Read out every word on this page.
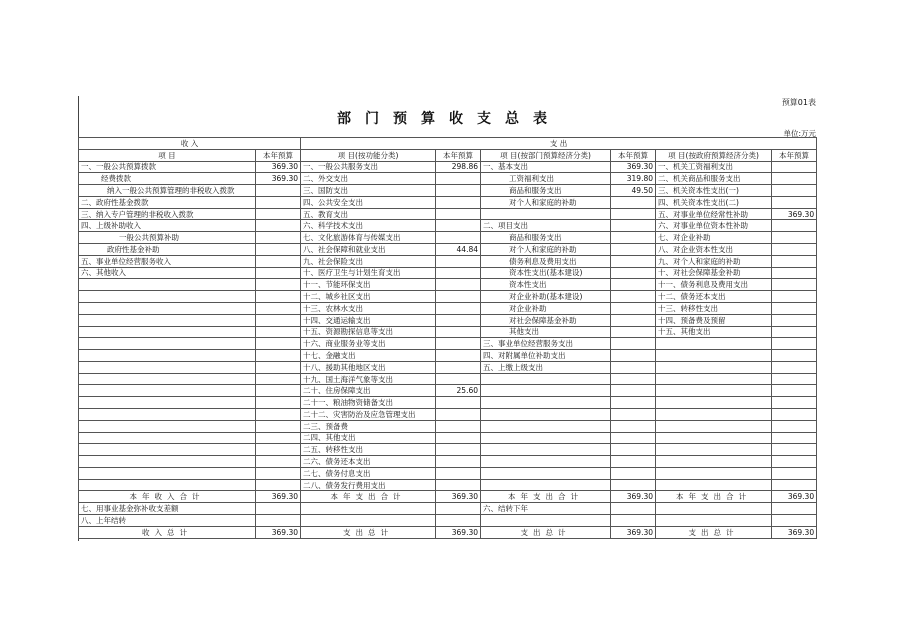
预算01表
部门预算收支总表
单位:万元
收 入		支 出					
项 目	本年预算	项 目(按功能分类)	本年预算	项 目(按部门预算经济分类)	本年预算	项 目(按政府预算经济分类)	本年预算
一、一般公共预算拨款	369.30	一、一般公共服务支出	298.86	一、基本支出	369.30	一、机关工资福利支出	
经费拨款	369.30	二、外交支出		工资福利支出	319.80	二、机关商品和服务支出	
纳入一般公共预算管理的非税收入拨款		三、国防支出		商品和服务支出	49.50	三、机关资本性支出(一)	
二、政府性基金拨款		四、公共安全支出		对个人和家庭的补助		四、机关资本性支出(二)	
三、纳入专户管理的非税收入拨款		五、教育支出				五、对事业单位经常性补助	369.30
四、上级补助收入		六、科学技术支出		二、项目支出		六、对事业单位资本性补助	
一般公共预算补助		七、文化旅游体育与传媒支出		商品和服务支出		七、对企业补助	
政府性基金补助		八、社会保障和就业支出	44.84	对个人和家庭的补助		八、对企业资本性支出	
五、事业单位经营服务收入		九、社会保险支出		债务利息及费用支出		九、对个人和家庭的补助	
六、其他收入		十、医疗卫生与计划生育支出		资本性支出(基本建设)		十、对社会保障基金补助	
		十一、节能环保支出		资本性支出		十一、债务利息及费用支出	
		十二、城乡社区支出		对企业补助(基本建设)		十二、债务还本支出	
		十三、农林水支出		对企业补助		十三、转移性支出	
		十四、交通运输支出		对社会保障基金补助		十四、预备费及预留	
		十五、资源勘探信息等支出		其他支出		十五、其他支出	
		十六、商业服务业等支出		三、事业单位经营服务支出			
		十七、金融支出		四、对附属单位补助支出			
		十八、援助其他地区支出		五、上缴上级支出			
		十九、国土海洋气象等支出					
		二十、住房保障支出	25.60				
		二十一、粮油物资储备支出					
		二十二、灾害防治及应急管理支出					
		二三、预备费					
		二四、其他支出					
		二五、转移性支出					
		二六、债务还本支出					
		二七、债务付息支出					
		二八、债务发行费用支出					
本年收入合计	369.30	本年支出合计	369.30	本年支出合计	369.30	本年支出合计	369.30
七、用事业基金弥补收支差额				六、结转下年			
八、上年结转							
收入总计	369.30	支出总计	369.30	支出总计	369.30	支出总计	369.30
